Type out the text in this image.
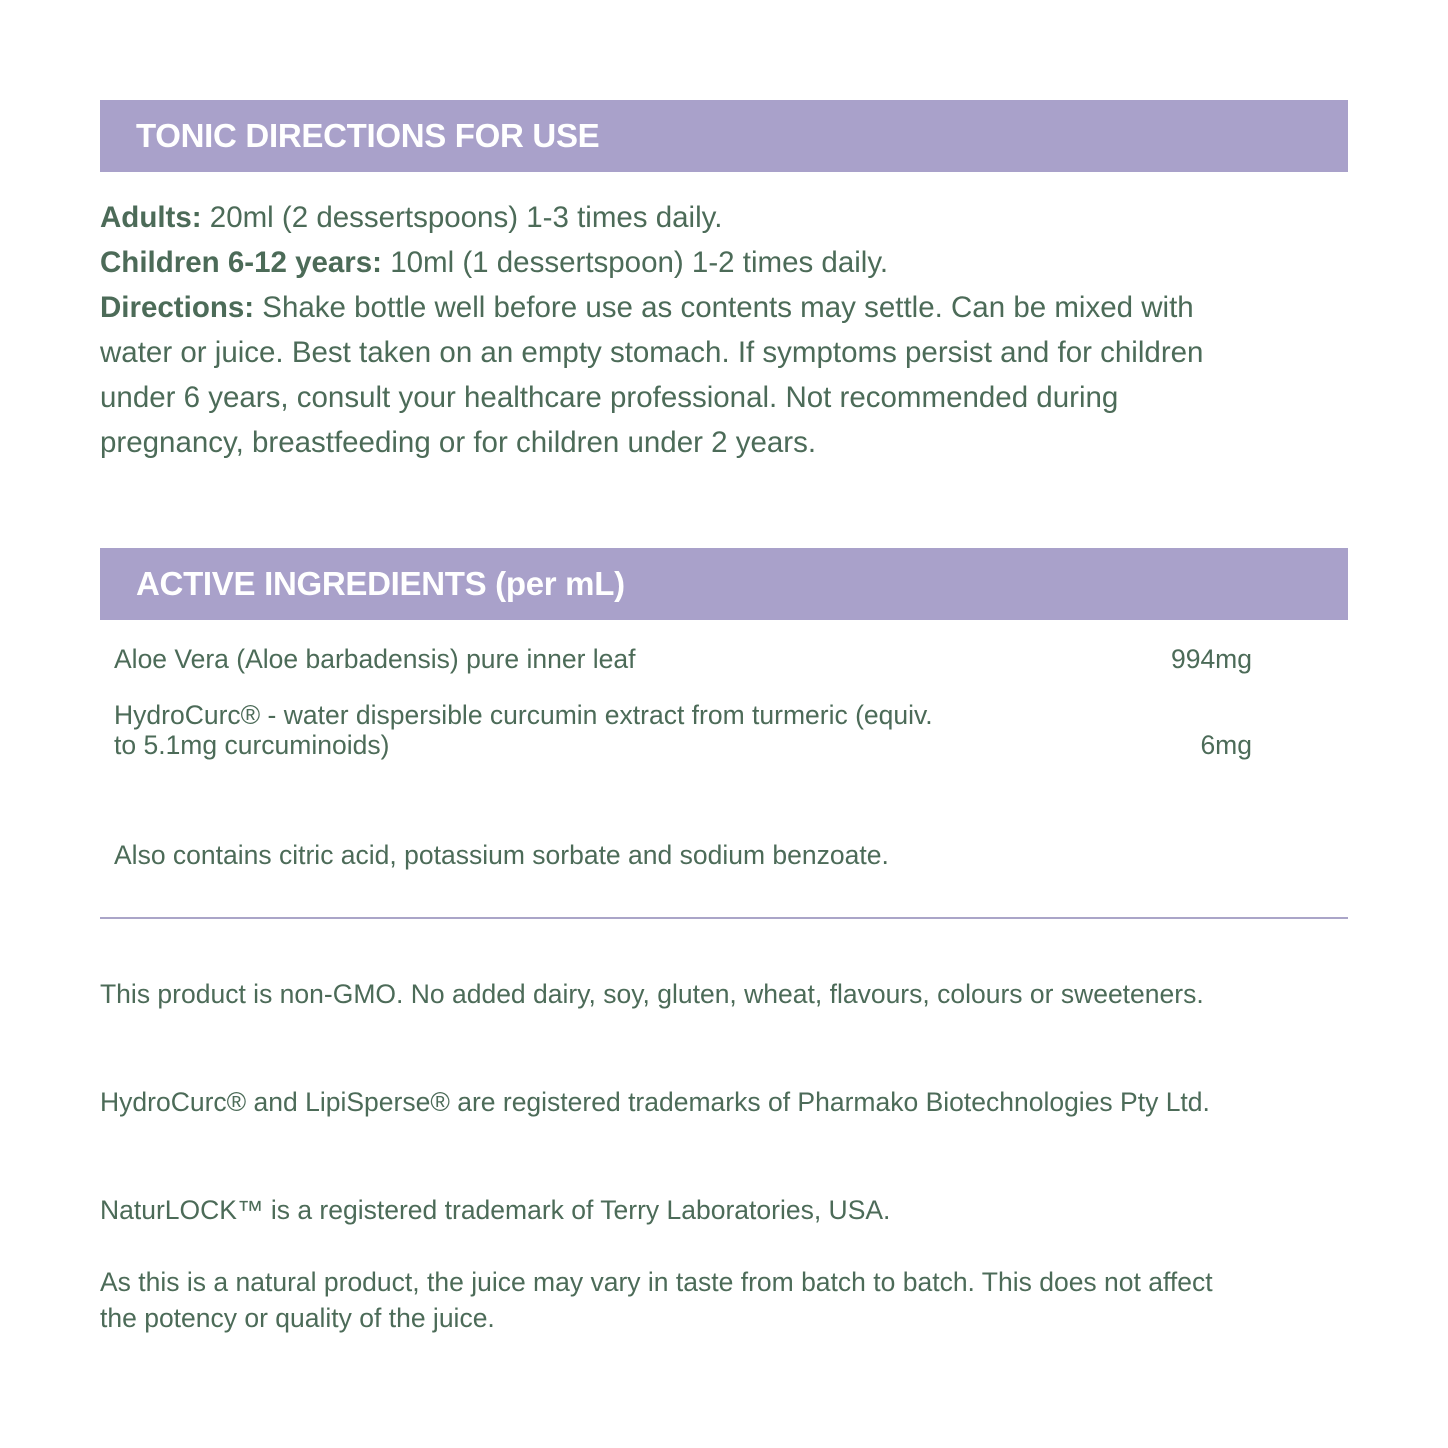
TONIC DIRECTIONS FOR USE

Adults: 20ml (2 dessertspoons) 1-3 times daily.

Children 6-12 years: 10ml (1 dessertspoon) 1-2 times daily.

Directions: Shake bottle well before use as contents may settle. Can be mixed with water or juice. Best taken on an empty stomach. If symptoms persist and for children under 6 years, consult your healthcare professional. Not recommended during pregnancy, breastfeeding or for children under 2 years.

ACTIVE INGREDIENTS (per mL)
Aloe Vera (Aloe barbadensis) pure inner leaf	994mg
HydroCurc® - water dispersible curcumin extract from turmeric (equiv. to 5.1mg curcuminoids)	6mg
Also contains citric acid, potassium sorbate and sodium benzoate.

This product is non-GMO. No added dairy, soy, gluten, wheat, flavours, colours or sweeteners.

HydroCurc® and LipiSperse® are registered trademarks of Pharmako Biotechnologies Pty Ltd.

NaturLOCK™ is a registered trademark of Terry Laboratories, USA.

As this is a natural product, the juice may vary in taste from batch to batch. This does not affect the potency or quality of the juice.
